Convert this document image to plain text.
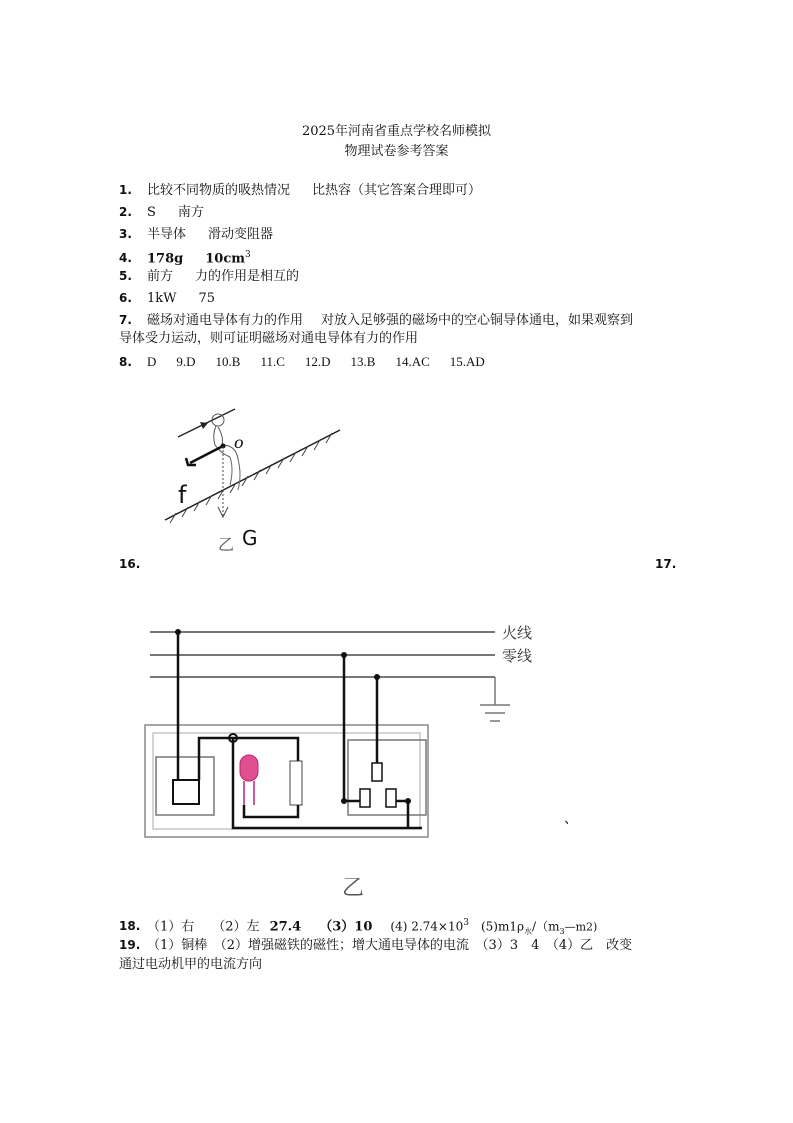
2025年河南省重点学校名师模拟
物理试卷参考答案
1. 比较不同物质的吸热情况 比热容（其它答案合理即可）
2. S 南方
3. 半导体 滑动变阻器
4. 178g $10cm^3$
5. 前方 力的作用是相互的
6. 1kW 75
7. 磁场对通电导体有力的作用 对放入足够强的磁场中的空心铜导体通电，如果观察到
导体受力运动，则可证明磁场对通电导体有力的作用
8. D 9.D 10.B 11.C 12.D 13.B 14.AC 15.AD
o
f
乙 G
16.	17.
火线
零线
乙
、
18. （1）右 （2）左 27.4 （3）10 (4) $2.74\times 10^3$ $(5)m1\rho_水/(m_3—m2)$
19. （1）铜棒　（2）增强磁铁的磁性；增大通电导体的电流　（3）3　4　（4）乙　改变
通过电动机甲的电流方向
